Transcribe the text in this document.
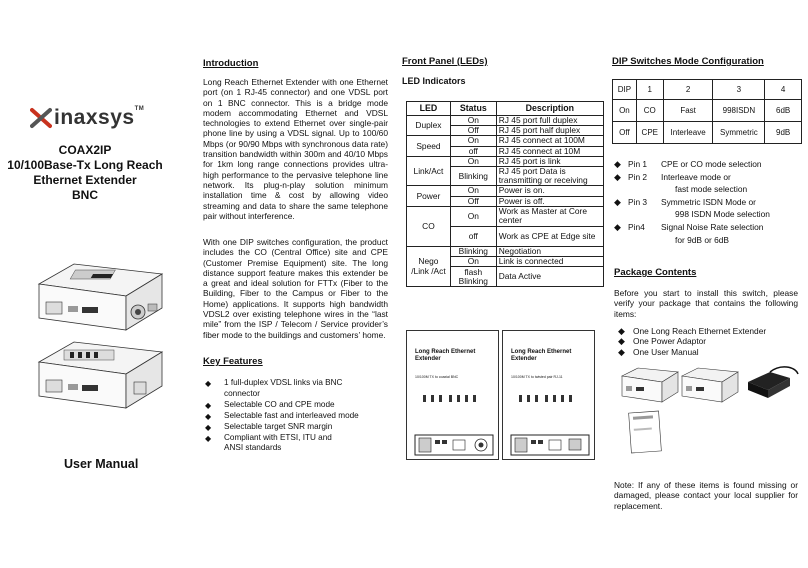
inaxsys™
COAX2IP
10/100Base-Tx Long Reach
Ethernet Extender
BNC
User Manual
Introduction

Long Reach Ethernet Extender with one Ethernet port (on 1 RJ-45 connector) and one VDSL port on 1 BNC connector. This is a bridge mode modem accommodating Ethernet and VDSL technologies to extend Ethernet over single-pair phone line by using a VDSL signal. Up to 100/60 Mbps (or 90/90 Mbps with synchronous data rate) transition bandwidth within 300m and 40/10 Mbps for 1km long range connections provides ultra-high performance to the pervasive telephone line network. Its plug-n-play solution minimum installation time & cost by allowing video streaming and data to share the same telephone pair without interference.

With one DIP switches configuration, the product includes the CO (Central Office) site and CPE (Customer Premise Equipment) site. The long distance support feature makes this extender be a great and ideal solution for FTTx (Fiber to the Building, Fiber to the Campus or Fiber to the Home) applications. It supports high bandwidth VDSL2 over existing telephone wires in the “last mile” from the ISP / Telecom / Service provider’s fiber mode to the buildings and customers’ home.

Key Features
◆ 1 full-duplex VDSL links via BNC
connector
◆ Selectable CO and CPE mode
◆ Selectable fast and interleaved mode
◆ Selectable target SNR margin
◆ Compliant with ETSI, ITU and
ANSI standards
Front Panel (LEDs)
LED Indicators
LED	Status	Description
Duplex	On	RJ 45 port full duplex
	Off	RJ 45 port half duplex
Speed	On	RJ 45 connect at 100M
	off	RJ 45 connect at 10M
Link/Act	On	RJ 45 port is link
	Blinking	RJ 45 port Data is transmitting or receiving
Power	On	Power is on.
	Off	Power is off.
CO	On	Work as Master at Core center
	off	Work as CPE at Edge site
Nego /Link /Act	Blinking	Negotiation
	On	Link is connected
	flash Blinking	Data Active
Long Reach Ethernet
Extender
10/100M TX to coaxial BNC
Long Reach Ethernet
Extender
10/100M TX to twisted pair RJ-11
DIP Switches Mode Configuration
DIP	1	2	3	4
On	CO	Fast	998ISDN	6dB
Off	CPE	Interleave	Symmetric	9dB
◆ Pin 1 CPE or CO mode selection
◆ Pin 2 Interleave mode or
fast mode selection
◆ Pin 3 Symmetric ISDN Mode or
998 ISDN Mode selection
◆ Pin4 Signal Noise Rate selection
for 9dB or 6dB
Package Contents

Before you start to install this switch, please verify your package that contains the following items:

◆ One Long Reach Ethernet Extender
◆ One Power Adaptor
◆ One User Manual

Note: If any of these items is found missing or damaged, please contact your local supplier for replacement.
